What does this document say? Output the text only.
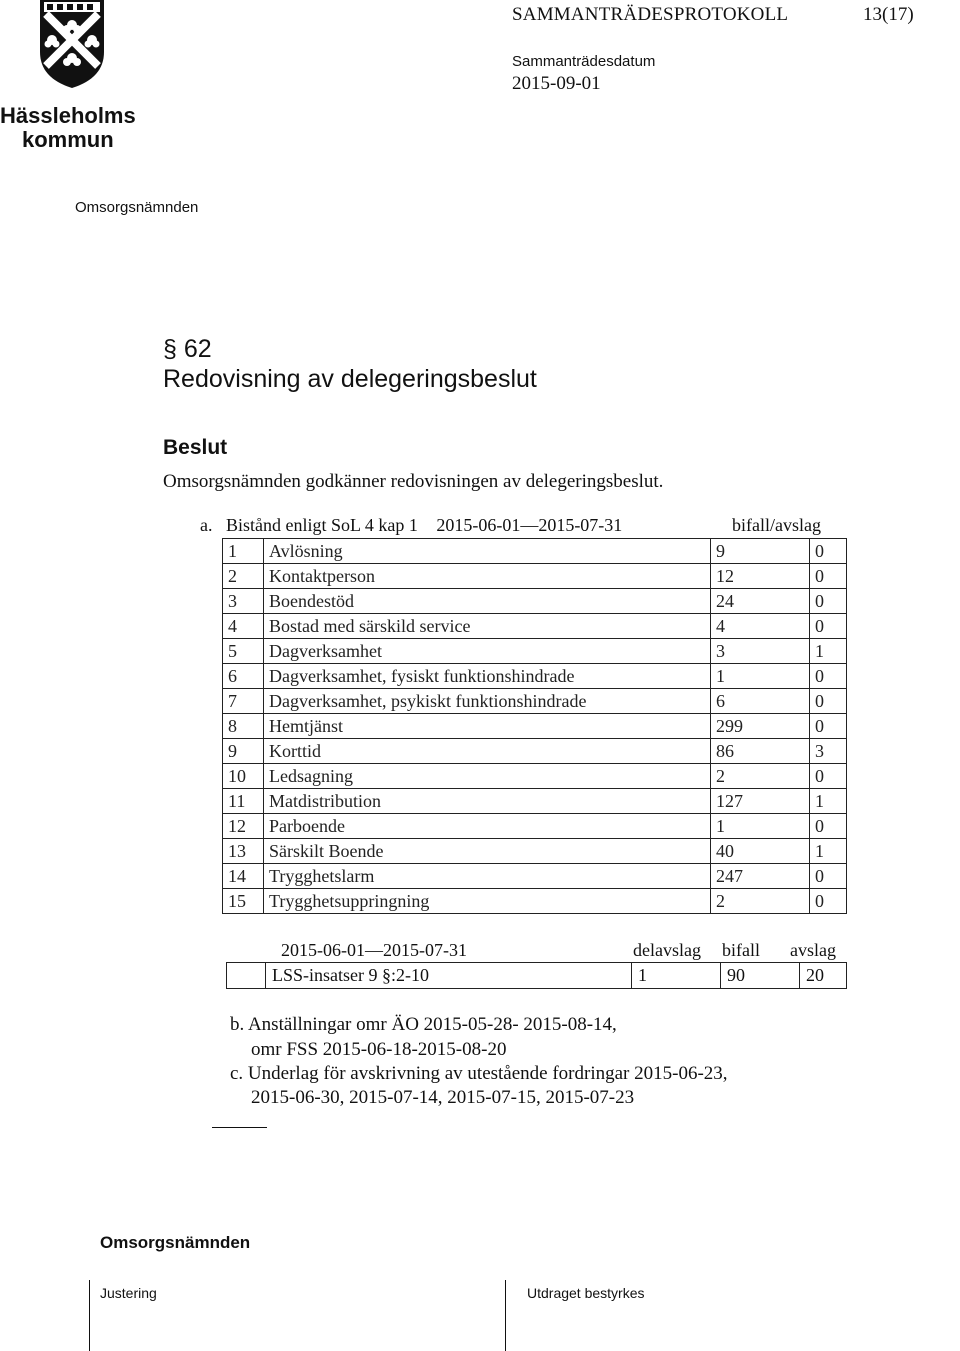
Hässleholms
kommun
SAMMANTRÄDESPROTOKOLL	13(17)
Sammanträdesdatum
2015-09-01
Omsorgsnämnden
§ 62
Redovisning av delegeringsbeslut
Beslut
Omsorgsnämnden godkänner redovisningen av delegeringsbeslut.
a. Bistånd enligt SoL 4 kap 1 2015-06-01—2015-07-31	bifall/avslag
1	Avlösning	9	0
2	Kontaktperson	12	0
3	Boendestöd	24	0
4	Bostad med särskild service	4	0
5	Dagverksamhet	3	1
6	Dagverksamhet, fysiskt funktionshindrade	1	0
7	Dagverksamhet, psykiskt funktionshindrade	6	0
8	Hemtjänst	299	0
9	Korttid	86	3
10	Ledsagning	2	0
11	Matdistribution	127	1
12	Parboende	1	0
13	Särskilt Boende	40	1
14	Trygghetslarm	247	0
15	Trygghetsuppringning	2	0
2015-06-01—2015-07-31	delavslag bifall avslag
	LSS-insatser 9 §:2-10	1	90	20
b. Anställningar omr ÄO 2015-05-28- 2015-08-14,
omr FSS 2015-06-18-2015-08-20
c. Underlag för avskrivning av utestående fordringar 2015-06-23,
2015-06-30, 2015-07-14, 2015-07-15, 2015-07-23
Omsorgsnämnden
Justering	Utdraget bestyrkes
